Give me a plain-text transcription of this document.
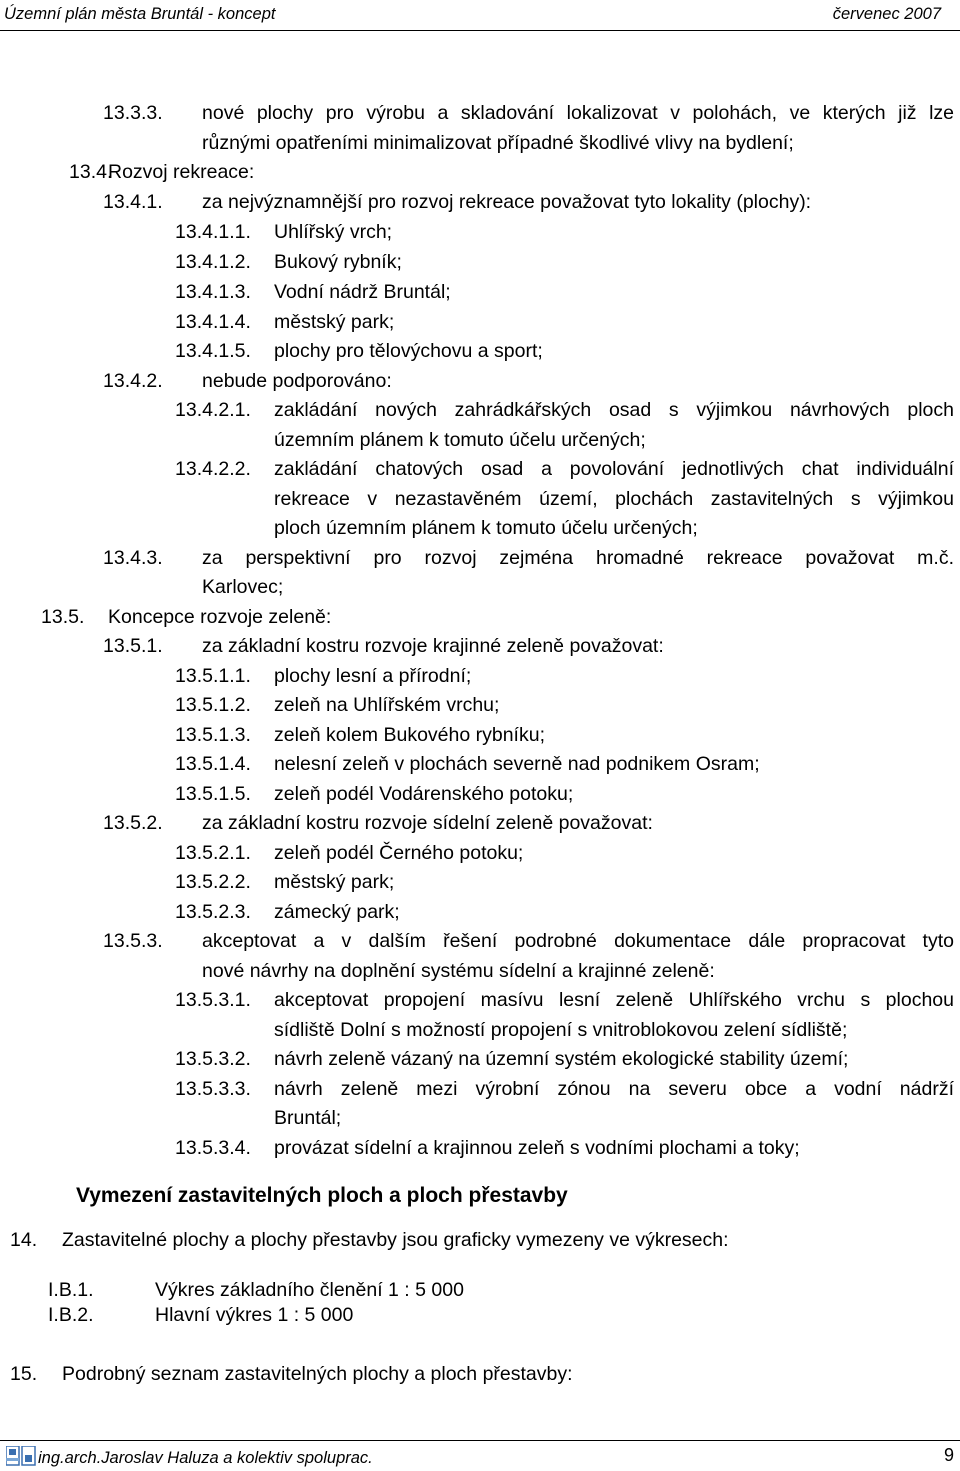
Územní plán města Bruntál - koncept	červenec 2007
13.3.3. nové plochy pro výrobu a skladování lokalizovat v polohách, ve kterých již lze
různými opatřeními minimalizovat případné škodlivé vlivy na bydlení;
13.4.
Rozvoj rekreace:
13.4.1. za nejvýznamnější pro rozvoj rekreace považovat tyto lokality (plochy):
13.4.1.1. Uhlířský vrch;
13.4.1.2. Bukový rybník;
13.4.1.3. Vodní nádrž Bruntál;
13.4.1.4. městský park;
13.4.1.5. plochy pro tělovýchovu a sport;
13.4.2. nebude podporováno:
13.4.2.1. zakládání nových zahrádkářských osad s výjimkou návrhových ploch
územním plánem k tomuto účelu určených;
13.4.2.2. zakládání chatových osad a povolování jednotlivých chat individuální
rekreace v nezastavěném území, plochách zastavitelných s výjimkou
ploch územním plánem k tomuto účelu určených;
13.4.3. za perspektivní pro rozvoj zejména hromadné rekreace považovat m.č.
Karlovec;
13.5. Koncepce rozvoje zeleně:
13.5.1. za základní kostru rozvoje krajinné zeleně považovat:
13.5.1.1. plochy lesní a přírodní;
13.5.1.2. zeleň na Uhlířském vrchu;
13.5.1.3. zeleň kolem Bukového rybníku;
13.5.1.4. nelesní zeleň v plochách severně nad podnikem Osram;
13.5.1.5. zeleň podél Vodárenského potoku;
13.5.2. za základní kostru rozvoje sídelní zeleně považovat:
13.5.2.1. zeleň podél Černého potoku;
13.5.2.2. městský park;
13.5.2.3. zámecký park;
13.5.3. akceptovat a v dalším řešení podrobné dokumentace dále propracovat tyto
nové návrhy na doplnění systému sídelní a krajinné zeleně:
13.5.3.1. akceptovat propojení masívu lesní zeleně Uhlířského vrchu s plochou
sídliště Dolní s možností propojení s vnitroblokovou zelení sídliště;
13.5.3.2. návrh zeleně vázaný na územní systém ekologické stability území;
13.5.3.3. návrh zeleně mezi výrobní zónou na severu obce a vodní nádrží
Bruntál;
13.5.3.4. provázat sídelní a krajinnou zeleň s vodními plochami a toky;
Vymezení zastavitelných ploch a ploch přestavby
14. Zastavitelné plochy a plochy přestavby jsou graficky vymezeny ve výkresech:
I.B.1.	Výkres základního členění 1 : 5 000
I.B.2.	Hlavní výkres 1 : 5 000
15. Podrobný seznam zastavitelných plochy a ploch přestavby:
ing.arch.Jaroslav Haluza a kolektiv spoluprac.	9
